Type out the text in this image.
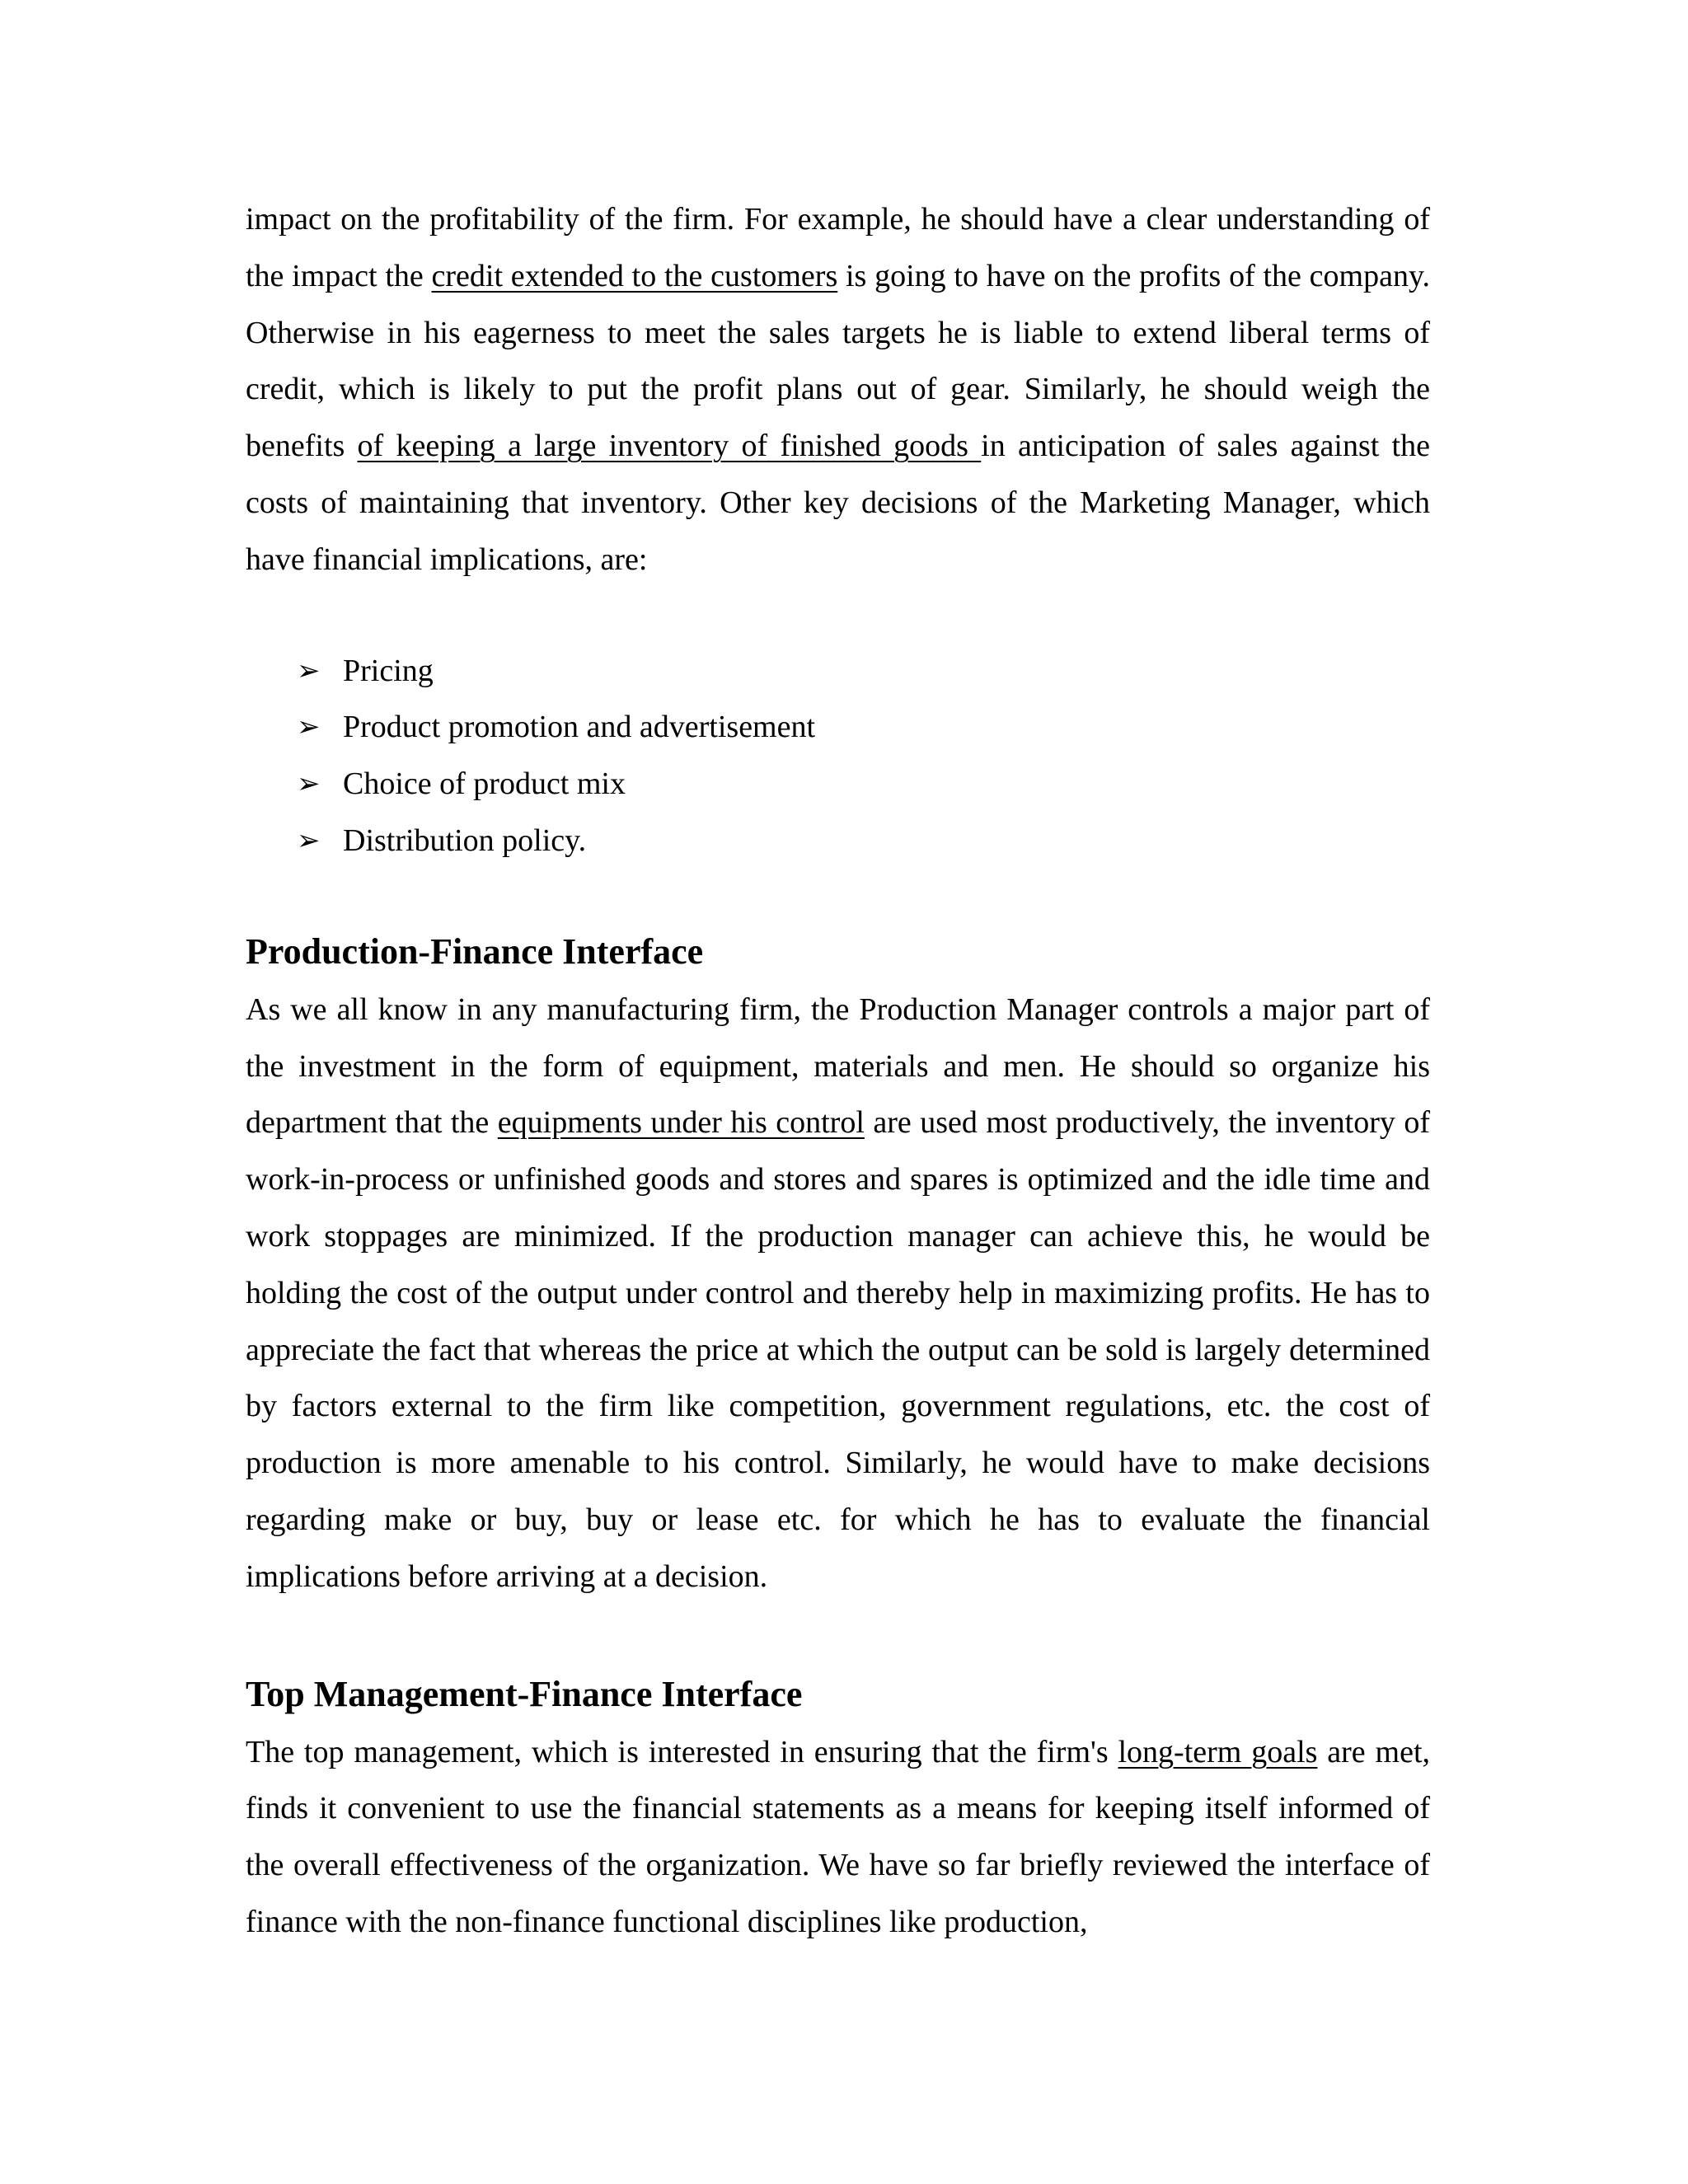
impact on the profitability of the firm. For example, he should have a clear understanding of the impact the credit extended to the customers is going to have on the profits of the company. Otherwise in his eagerness to meet the sales targets he is liable to extend liberal terms of credit, which is likely to put the profit plans out of gear. Similarly, he should weigh the benefits of keeping a large inventory of finished goods in anticipation of sales against the costs of maintaining that inventory. Other key decisions of the Marketing Manager, which have financial implications, are:

➢ Pricing
➢ Product promotion and advertisement
➢ Choice of product mix
➢ Distribution policy.
Production-Finance Interface

As we all know in any manufacturing firm, the Production Manager controls a major part of the investment in the form of equipment, materials and men. He should so organize his department that the equipments under his control are used most productively, the inventory of work-in-process or unfinished goods and stores and spares is optimized and the idle time and work stoppages are minimized. If the production manager can achieve this, he would be holding the cost of the output under control and thereby help in maximizing profits. He has to appreciate the fact that whereas the price at which the output can be sold is largely determined by factors external to the firm like competition, government regulations, etc. the cost of production is more amenable to his control. Similarly, he would have to make decisions regarding make or buy, buy or lease etc. for which he has to evaluate the financial implications before arriving at a decision.

Top Management-Finance Interface

The top management, which is interested in ensuring that the firm's long-term goals are met, finds it convenient to use the financial statements as a means for keeping itself informed of the overall effectiveness of the organization. We have so far briefly reviewed the interface of finance with the non-finance functional disciplines like production,
